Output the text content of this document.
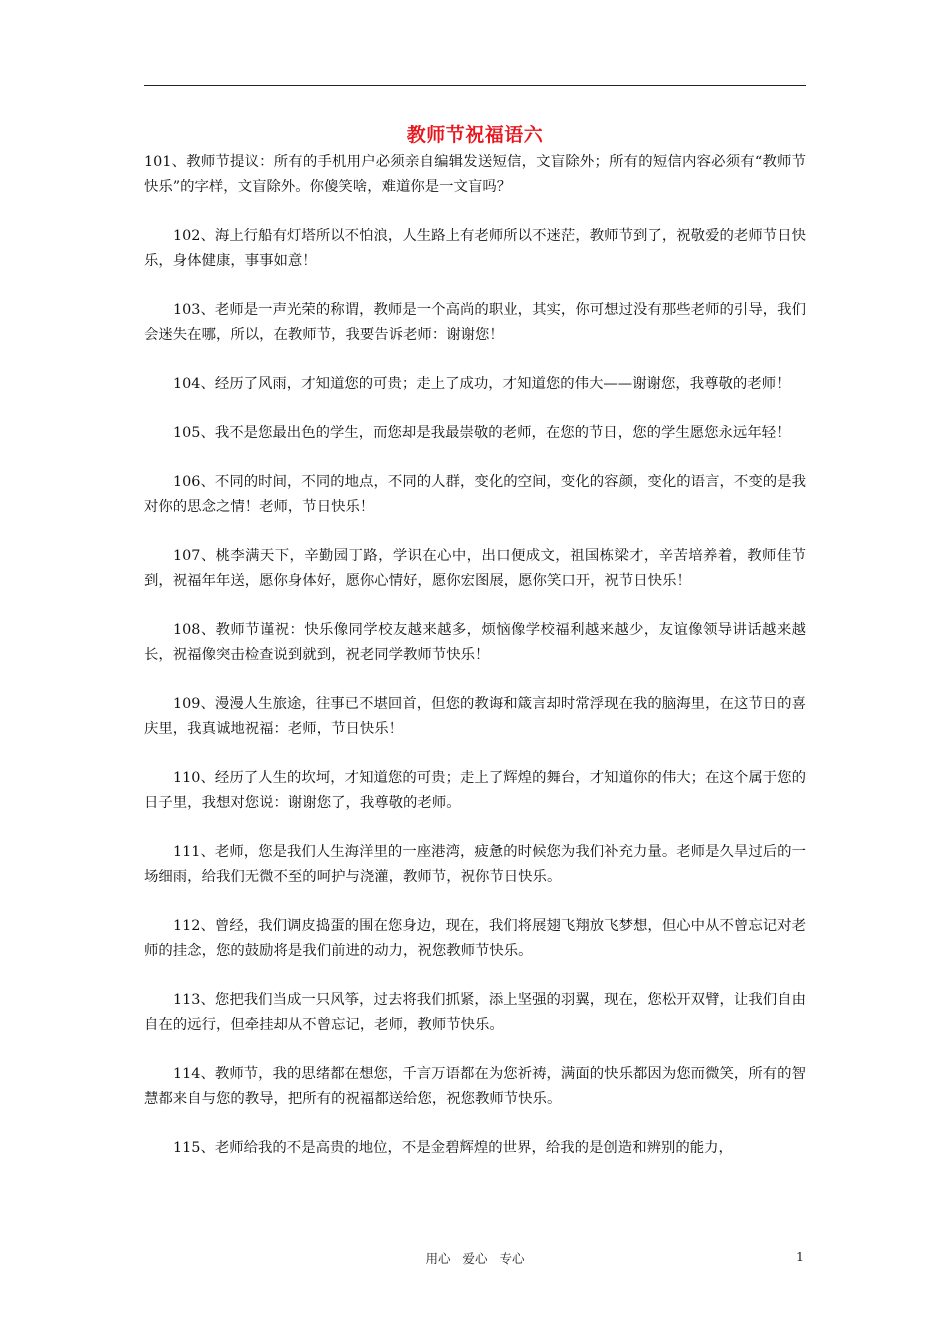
教师节祝福语六

101、教师节提议：所有的手机用户必须亲自编辑发送短信，文盲除外；所有的短信内容必须有“教师节快乐”的字样，文盲除外。你傻笑啥，难道你是一文盲吗？

102、海上行船有灯塔所以不怕浪，人生路上有老师所以不迷茫，教师节到了，祝敬爱的老师节日快乐，身体健康，事事如意！

103、老师是一声光荣的称谓，教师是一个高尚的职业，其实，你可想过没有那些老师的引导，我们会迷失在哪，所以，在教师节，我要告诉老师：谢谢您！

104、经历了风雨，才知道您的可贵；走上了成功，才知道您的伟大——谢谢您，我尊敬的老师！

105、我不是您最出色的学生，而您却是我最崇敬的老师，在您的节日，您的学生愿您永远年轻！

106、不同的时间，不同的地点，不同的人群，变化的空间，变化的容颜，变化的语言，不变的是我对你的思念之情！老师，节日快乐！

107、桃李满天下，辛勤园丁路，学识在心中，出口便成文，祖国栋梁才，辛苦培养着，教师佳节到，祝福年年送，愿你身体好，愿你心情好，愿你宏图展，愿你笑口开，祝节日快乐！

108、教师节谨祝：快乐像同学校友越来越多，烦恼像学校福利越来越少，友谊像领导讲话越来越长，祝福像突击检查说到就到，祝老同学教师节快乐！

109、漫漫人生旅途，往事已不堪回首，但您的教诲和箴言却时常浮现在我的脑海里，在这节日的喜庆里，我真诚地祝福：老师，节日快乐！

110、经历了人生的坎坷，才知道您的可贵；走上了辉煌的舞台，才知道你的伟大；在这个属于您的日子里，我想对您说：谢谢您了，我尊敬的老师。

111、老师，您是我们人生海洋里的一座港湾，疲惫的时候您为我们补充力量。老师是久旱过后的一场细雨，给我们无微不至的呵护与浇灌，教师节，祝你节日快乐。

112、曾经，我们调皮捣蛋的围在您身边，现在，我们将展翅飞翔放飞梦想，但心中从不曾忘记对老师的挂念，您的鼓励将是我们前进的动力，祝您教师节快乐。

113、您把我们当成一只风筝，过去将我们抓紧，添上坚强的羽翼，现在，您松开双臂，让我们自由自在的远行，但牵挂却从不曾忘记，老师，教师节快乐。

114、教师节，我的思绪都在想您，千言万语都在为您祈祷，满面的快乐都因为您而微笑，所有的智慧都来自与您的教导，把所有的祝福都送给您，祝您教师节快乐。

115、老师给我的不是高贵的地位，不是金碧辉煌的世界，给我的是创造和辨别的能力，

用心 爱心 专心	1
